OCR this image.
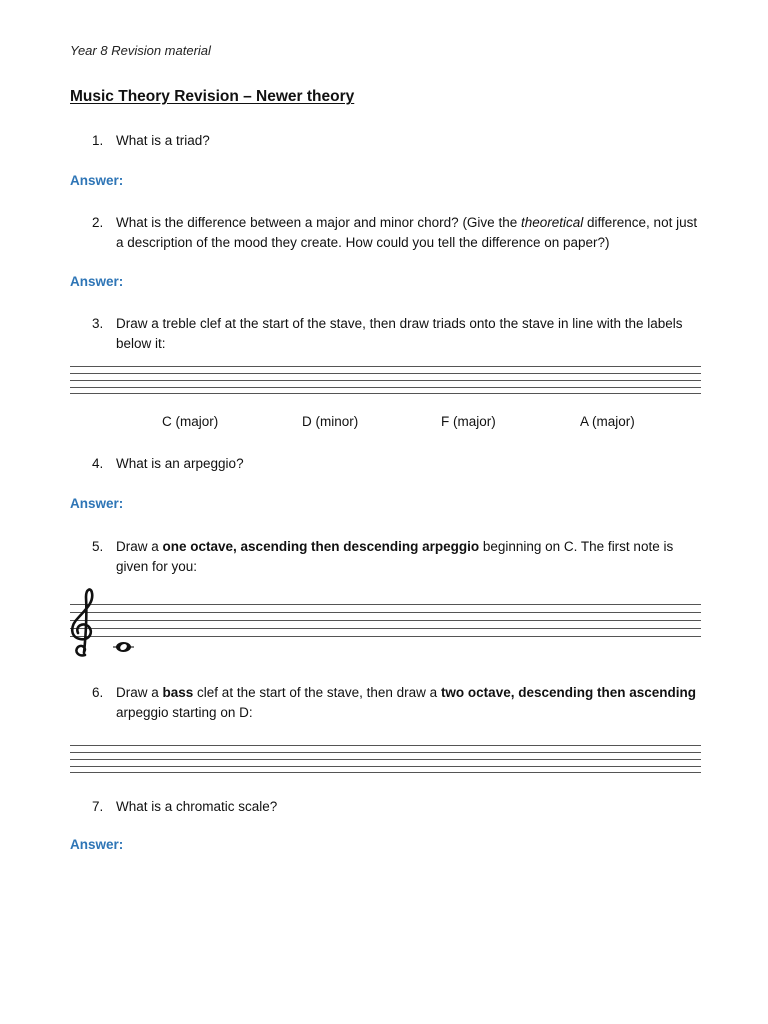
Year 8 Revision material
Music Theory Revision – Newer theory
1. What is a triad?
Answer:
2. What is the difference between a major and minor chord? (Give the theoretical difference, not just a description of the mood they create. How could you tell the difference on paper?)
Answer:
3. Draw a treble clef at the start of the stave, then draw triads onto the stave in line with the labels below it:
C (major)	D (minor)	F (major)	A (major)
4. What is an arpeggio?
Answer:
5. Draw a one octave, ascending then descending arpeggio beginning on C. The first note is given for you:
6. Draw a bass clef at the start of the stave, then draw a two octave, descending then ascending arpeggio starting on D:
7. What is a chromatic scale?
Answer:
